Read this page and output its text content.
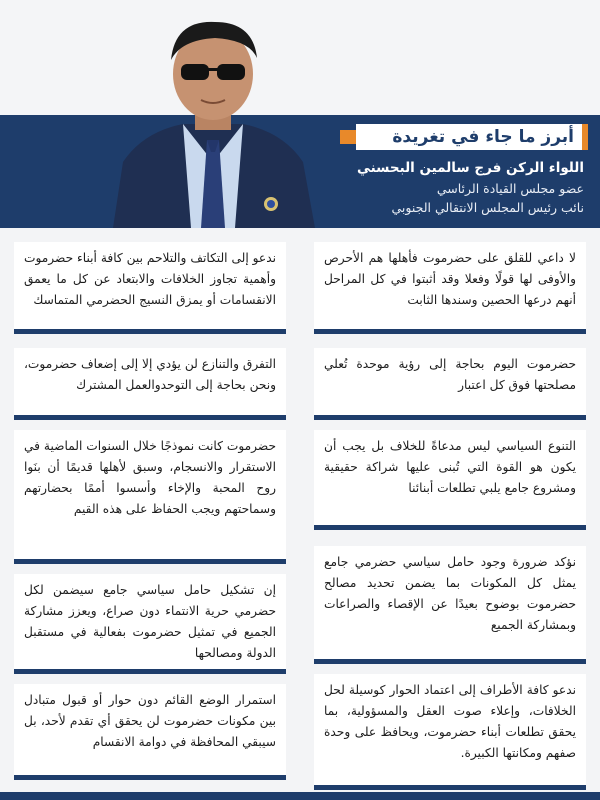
أبرز ما جاء في تغريدة
اللواء الركن فرج سالمين البحسني
عضو مجلس القيادة الرئاسي
نائب رئيس المجلس الانتقالي الجنوبي
لا داعي للقلق على حضرموت فأهلها هم الأحرص والأوفى لها قولًا وفعلا وقد أثبتوا في كل المراحل أنهم درعها الحصين وسندها الثابت
حضرموت اليوم بحاجة إلى رؤية موحدة تُعلي مصلحتها فوق كل اعتبار
التنوع السياسي ليس مدعاةً للخلاف بل يجب أن يكون هو القوة التي تُبنى عليها شراكة حقيقية ومشروع جامع يلبي تطلعات أبنائنا
نؤكد ضرورة وجود حامل سياسي حضرمي جامع يمثل كل المكونات بما يضمن تحديد مصالح حضرموت بوضوح بعيدًا عن الإقصاء والصراعات وبمشاركة الجميع
ندعو كافة الأطراف إلى اعتماد الحوار كوسيلة لحل الخلافات، وإعلاء صوت العقل والمسؤولية، بما يحقق تطلعات أبناء حضرموت، ويحافظ على وحدة صفهم ومكانتها الكبيرة.
ندعو إلى التكاتف والتلاحم بين كافة أبناء حضرموت وأهمية تجاوز الخلافات والابتعاد عن كل ما يعمق الانقسامات أو يمزق النسيج الحضرمي المتماسك
التفرق والتنازع لن يؤدي إلا إلى إضعاف حضرموت، ونحن بحاجة إلى التوحدوالعمل المشترك
حضرموت كانت نموذجًا خلال السنوات الماضية في الاستقرار والانسجام، وسبق لأهلها قديمًا أن بنَوا روح المحبة والإخاء وأسسوا أممًا بحضارتهم وسماحتهم ويجب الحفاظ على هذه القيم
إن تشكيل حامل سياسي جامع سيضمن لكل حضرمي حرية الانتماء دون صراع، ويعزز مشاركة الجميع في تمثيل حضرموت بفعالية في مستقبل الدولة ومصالحها
استمرار الوضع القائم دون حوار أو قبول متبادل بين مكونات حضرموت لن يحقق أي تقدم لأحد، بل سيبقي المحافظة في دوامة الانقسام
